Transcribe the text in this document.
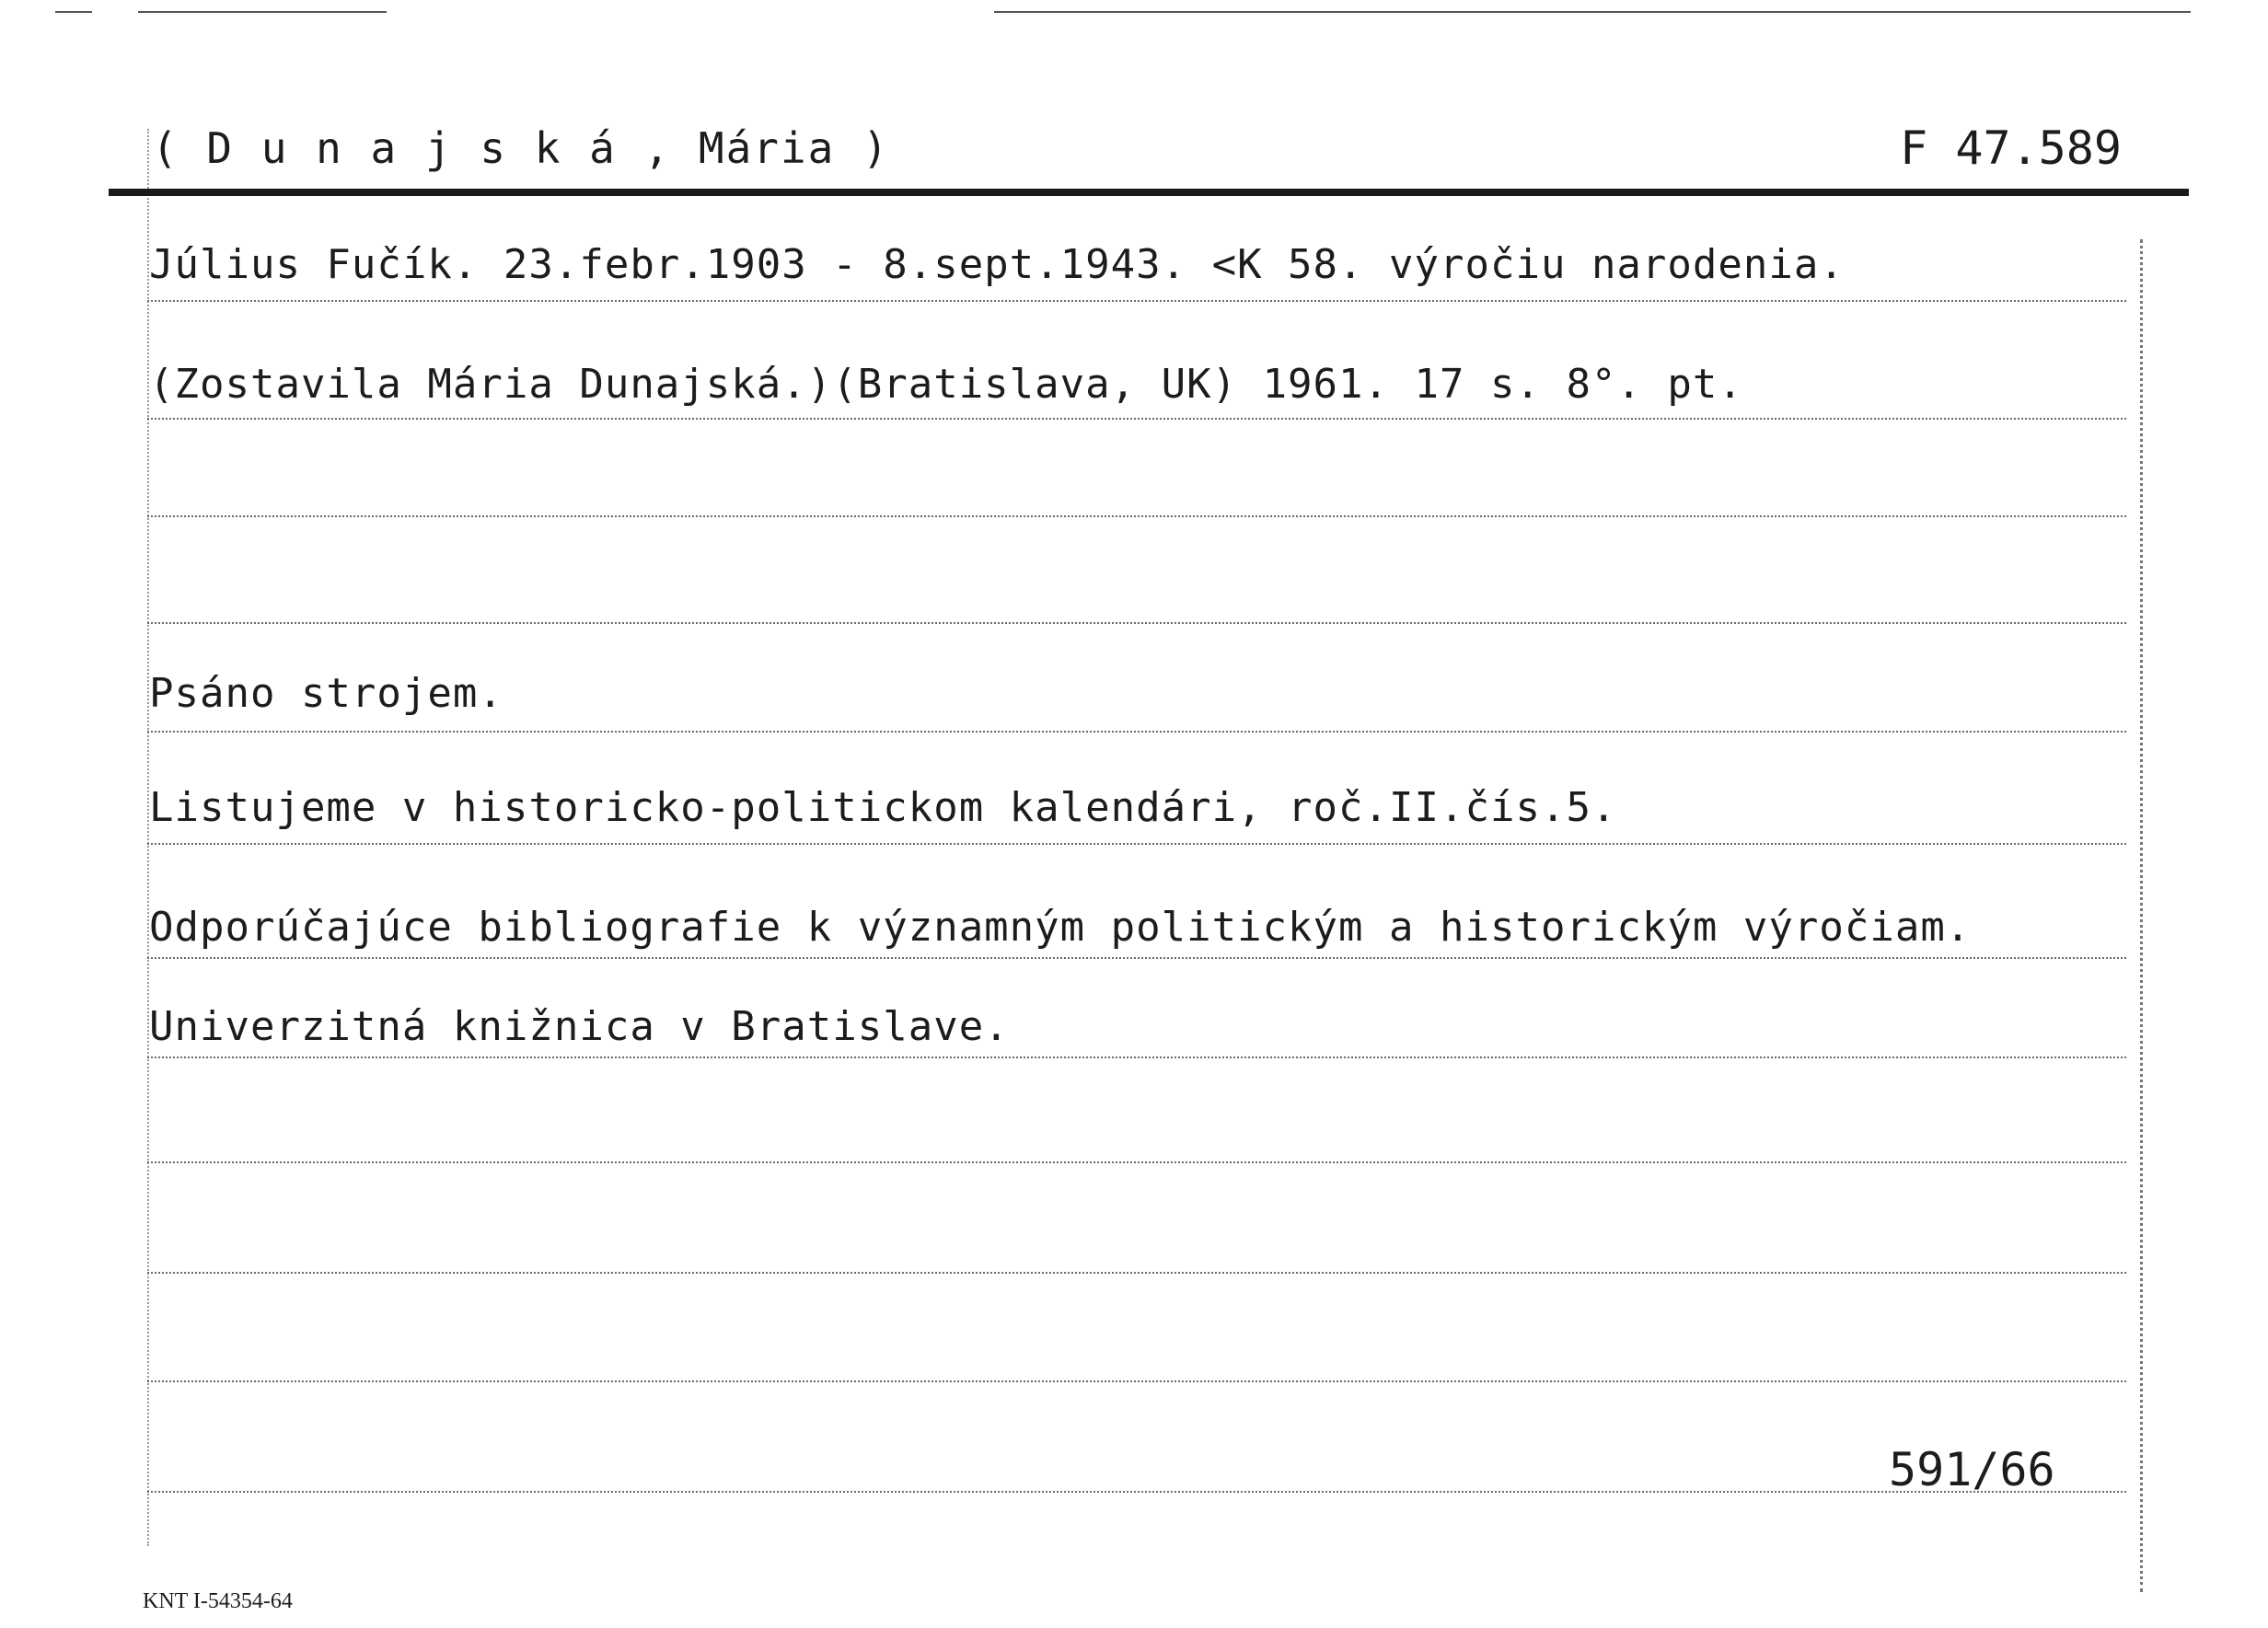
( D u n a j s k á , Mária )	F 47.589
Július Fučík. 23.febr.1903 - 8.sept.1943. <K 58. výročiu narodenia.
(Zostavila Mária Dunajská.)(Bratislava, UK) 1961. 17 s. 8°. pt.
Psáno strojem.
Listujeme v historicko-politickom kalendári, roč.II.čís.5.
Odporúčajúce bibliografie k významným politickým a historickým výročiam.
Univerzitná knižnica v Bratislave.
591/66
KNT I-54354-64
